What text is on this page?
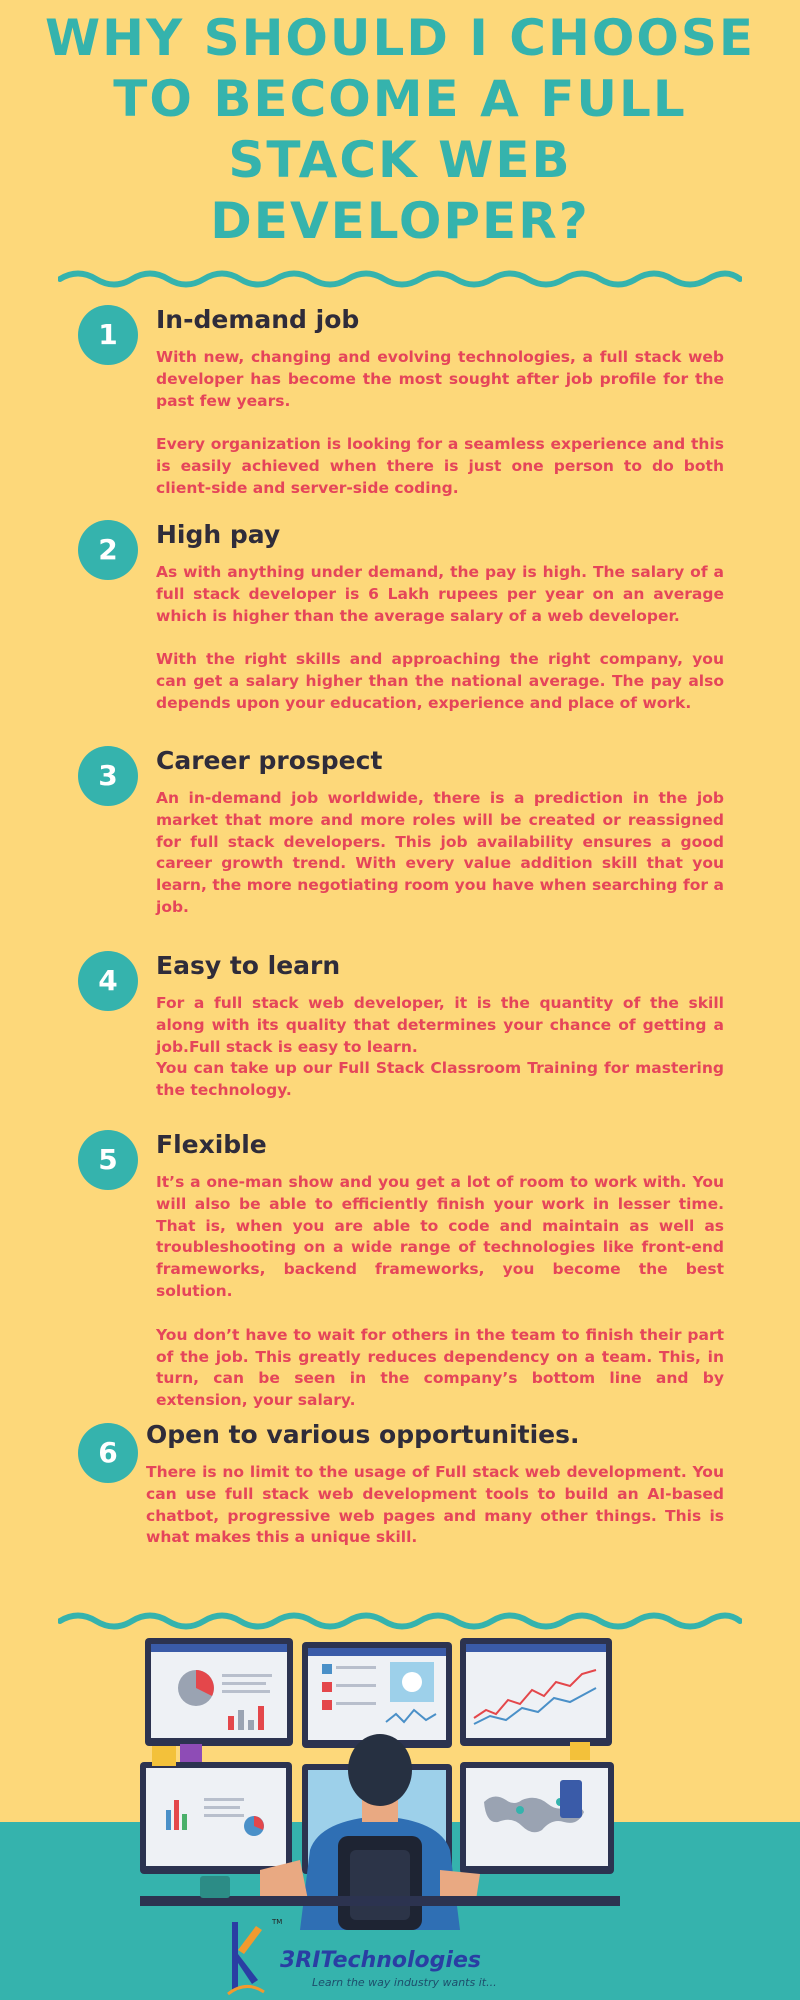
WHY SHOULD I CHOOSE TO BECOME A FULL STACK WEB DEVELOPER?
1	In-demand job

With new, changing and evolving technologies, a full stack web developer has become the most sought after job profile for the past few years.

Every organization is looking for a seamless experience and this is easily achieved when there is just one person to do both client-side and server-side coding.

2	High pay

As with anything under demand, the pay is high. The salary of a full stack developer is 6 Lakh rupees per year on an average which is higher than the average salary of a web developer.

With the right skills and approaching the right company, you can get a salary higher than the national average. The pay also depends upon your education, experience and place of work.

3	Career prospect

An in-demand job worldwide, there is a prediction in the job market that more and more roles will be created or reassigned for full stack developers. This job availability ensures a good career growth trend. With every value addition skill that you learn, the more negotiating room you have when searching for a job.

4	Easy to learn

For a full stack web developer, it is the quantity of the skill along with its quality that determines your chance of getting a job.Full stack is easy to learn.

You can take up our Full Stack Classroom Training for mastering the technology.

5	Flexible

It’s a one-man show and you get a lot of room to work with. You will also be able to efficiently finish your work in lesser time. That is, when you are able to code and maintain as well as troubleshooting on a wide range of technologies like front-end frameworks, backend frameworks, you become the best solution.

You don’t have to wait for others in the team to finish their part of the job. This greatly reduces dependency on a team. This, in turn, can be seen in the company’s bottom line and by extension, your salary.

6
Open to various opportunities.

There is no limit to the usage of Full stack web development. You can use full stack web development tools to build an AI-based chatbot, progressive web pages and many other things. This is what makes this a unique skill.

3RITechnologies
Learn the way industry wants it...
TM
